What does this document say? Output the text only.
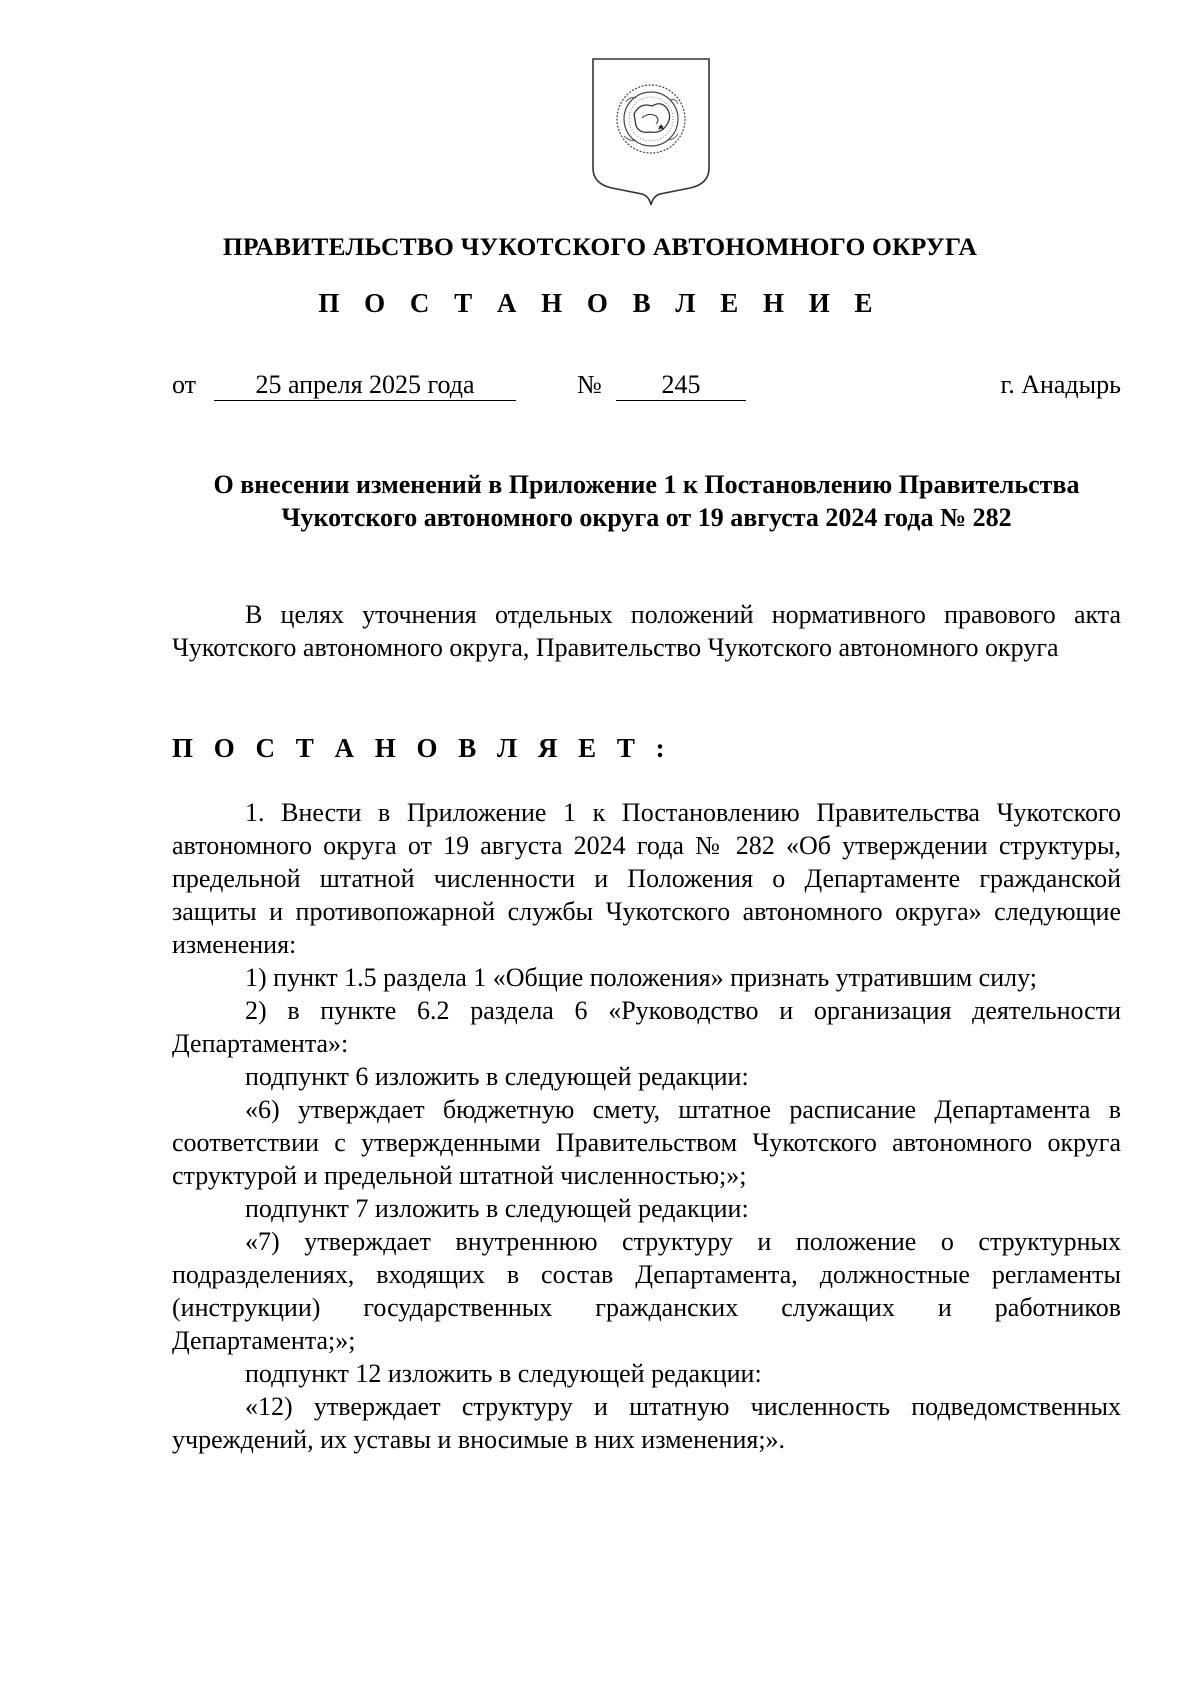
ПРАВИТЕЛЬСТВО ЧУКОТСКОГО АВТОНОМНОГО ОКРУГА
П О С Т А Н О В Л Е Н И Е
от	25 апреля 2025 года	№	245	г. Анадырь
О внесении изменений в Приложение 1 к Постановлению Правительства
Чукотского автономного округа от 19 августа 2024 года № 282

В целях уточнения отдельных положений нормативного правового акта Чукотского автономного округа, Правительство Чукотского автономного округа

П О С Т А Н О В Л Я Е Т :

1. Внести в Приложение 1 к Постановлению Правительства Чукотского автономного округа от 19 августа 2024 года № 282 «Об утверждении структуры, предельной штатной численности и Положения о Департаменте гражданской защиты и противопожарной службы Чукотского автономного округа» следующие изменения:

1) пункт 1.5 раздела 1 «Общие положения» признать утратившим силу;

2) в пункте 6.2 раздела 6 «Руководство и организация деятельности Департамента»:

подпункт 6 изложить в следующей редакции:

«6) утверждает бюджетную смету, штатное расписание Департамента в соответствии с утвержденными Правительством Чукотского автономного округа структурой и предельной штатной численностью;»;

подпункт 7 изложить в следующей редакции:

«7) утверждает внутреннюю структуру и положение о структурных подразделениях, входящих в состав Департамента, должностные регламенты (инструкции) государственных гражданских служащих и работников Департамента;»;

подпункт 12 изложить в следующей редакции:

«12) утверждает структуру и штатную численность подведомственных учреждений, их уставы и вносимые в них изменения;».
